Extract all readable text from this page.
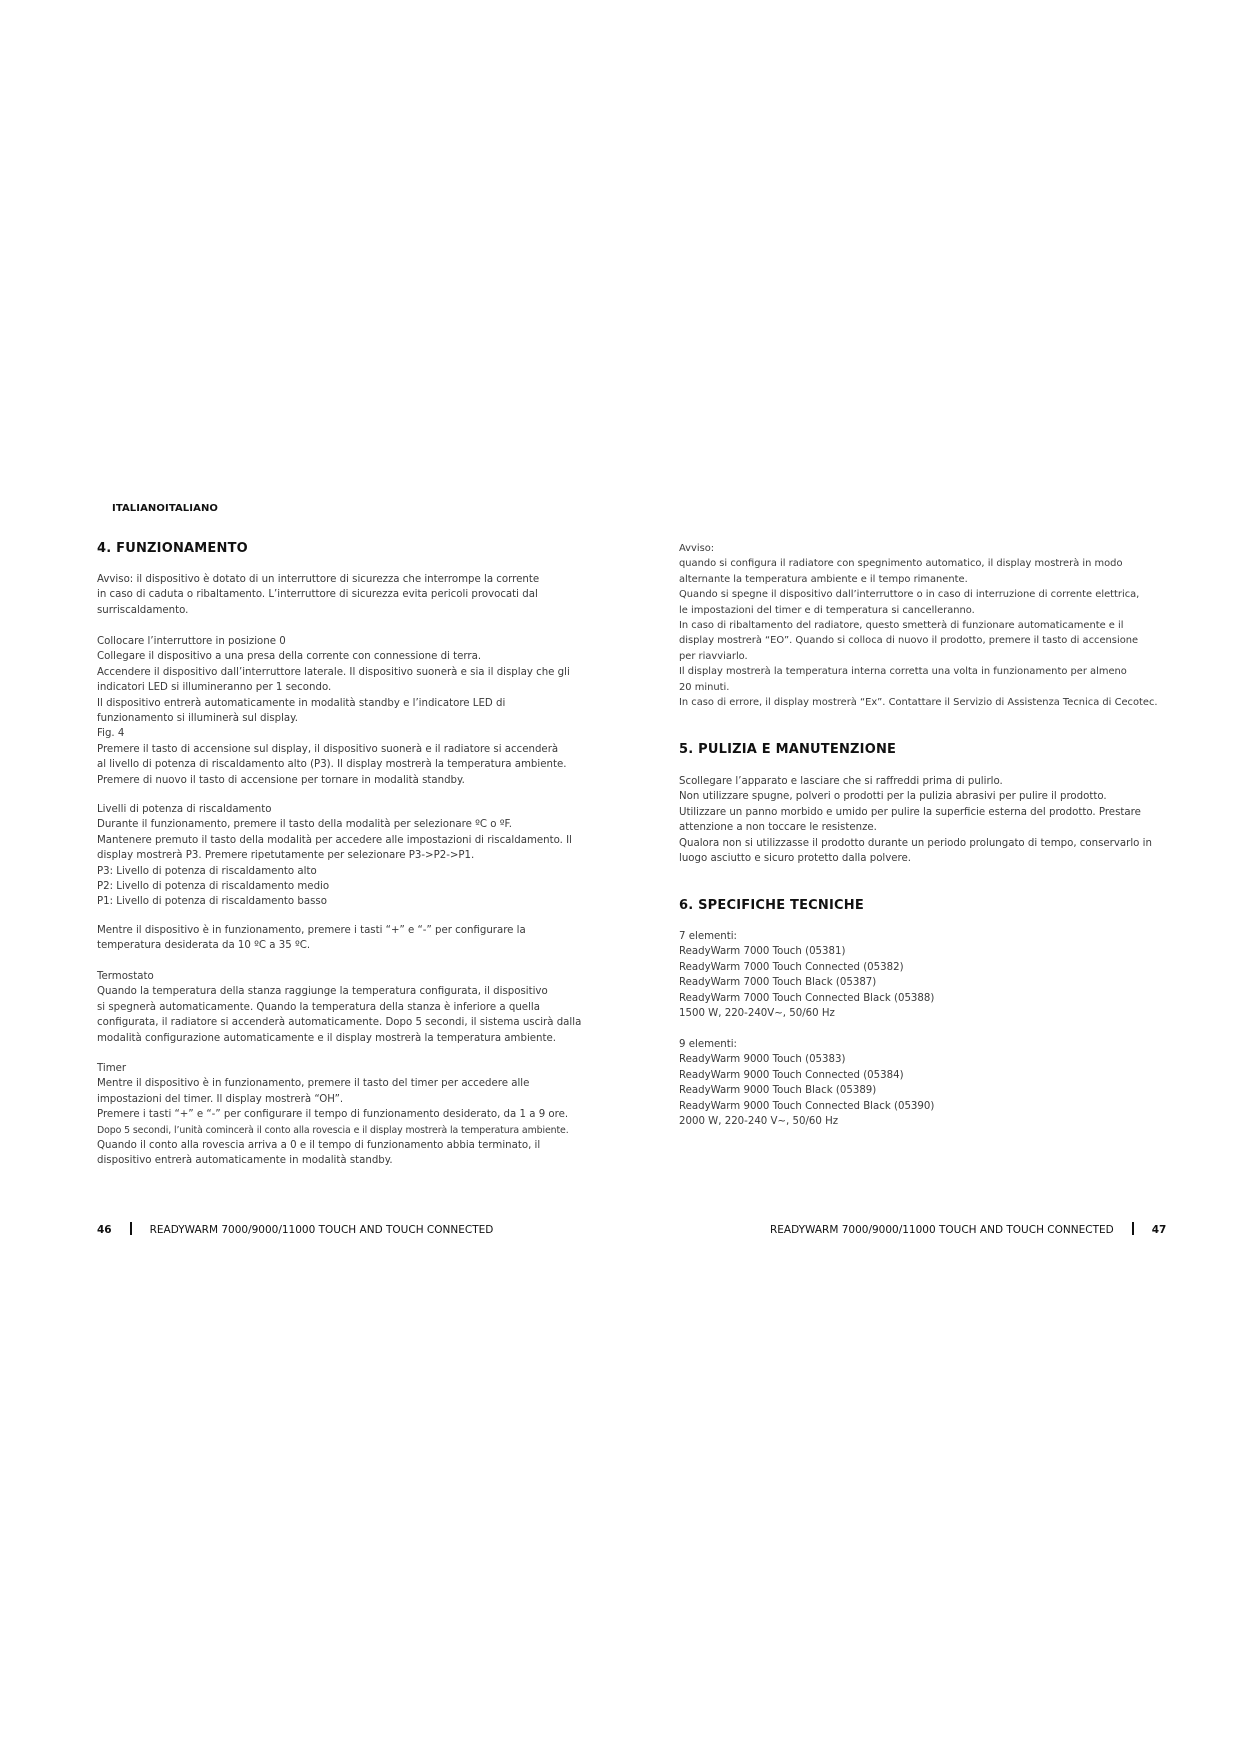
ITALIANOITALIANO
4. FUNZIONAMENTO
Avviso: il dispositivo è dotato di un interruttore di sicurezza che interrompe la corrente
in caso di caduta o ribaltamento. L’interruttore di sicurezza evita pericoli provocati dal
surriscaldamento.
Collocare l’interruttore in posizione 0
Collegare il dispositivo a una presa della corrente con connessione di terra.
Accendere il dispositivo dall’interruttore laterale. Il dispositivo suonerà e sia il display che gli
indicatori LED si illumineranno per 1 secondo.
Il dispositivo entrerà automaticamente in modalità standby e l’indicatore LED di
funzionamento si illuminerà sul display.
Fig. 4
Premere il tasto di accensione sul display, il dispositivo suonerà e il radiatore si accenderà
al livello di potenza di riscaldamento alto (P3). Il display mostrerà la temperatura ambiente.
Premere di nuovo il tasto di accensione per tornare in modalità standby.
Livelli di potenza di riscaldamento
Durante il funzionamento, premere il tasto della modalità per selezionare ºC o ºF.
Mantenere premuto il tasto della modalità per accedere alle impostazioni di riscaldamento. Il
display mostrerà P3. Premere ripetutamente per selezionare P3->P2->P1.
P3: Livello di potenza di riscaldamento alto
P2: Livello di potenza di riscaldamento medio
P1: Livello di potenza di riscaldamento basso
Mentre il dispositivo è in funzionamento, premere i tasti “+” e “-” per configurare la
temperatura desiderata da 10 ºC a 35 ºC.
Termostato
Quando la temperatura della stanza raggiunge la temperatura configurata, il dispositivo
si spegnerà automaticamente. Quando la temperatura della stanza è inferiore a quella
configurata, il radiatore si accenderà automaticamente. Dopo 5 secondi, il sistema uscirà dalla
modalità configurazione automaticamente e il display mostrerà la temperatura ambiente.
Timer
Mentre il dispositivo è in funzionamento, premere il tasto del timer per accedere alle
impostazioni del timer. Il display mostrerà “OH”.
Premere i tasti “+” e “-” per configurare il tempo di funzionamento desiderato, da 1 a 9 ore.
Dopo 5 secondi, l’unità comincerà il conto alla rovescia e il display mostrerà la temperatura ambiente.
Quando il conto alla rovescia arriva a 0 e il tempo di funzionamento abbia terminato, il
dispositivo entrerà automaticamente in modalità standby.
Avviso:
quando si configura il radiatore con spegnimento automatico, il display mostrerà in modo
alternante la temperatura ambiente e il tempo rimanente.
Quando si spegne il dispositivo dall’interruttore o in caso di interruzione di corrente elettrica,
le impostazioni del timer e di temperatura si cancelleranno.
In caso di ribaltamento del radiatore, questo smetterà di funzionare automaticamente e il
display mostrerà “EO”. Quando si colloca di nuovo il prodotto, premere il tasto di accensione
per riavviarlo.
Il display mostrerà la temperatura interna corretta una volta in funzionamento per almeno
20 minuti.
In caso di errore, il display mostrerà “Ex”. Contattare il Servizio di Assistenza Tecnica di Cecotec.
5. PULIZIA E MANUTENZIONE
Scollegare l’apparato e lasciare che si raffreddi prima di pulirlo.
Non utilizzare spugne, polveri o prodotti per la pulizia abrasivi per pulire il prodotto.
Utilizzare un panno morbido e umido per pulire la superficie esterna del prodotto. Prestare
attenzione a non toccare le resistenze.
Qualora non si utilizzasse il prodotto durante un periodo prolungato di tempo, conservarlo in
luogo asciutto e sicuro protetto dalla polvere.
6. SPECIFICHE TECNICHE
7 elementi:
ReadyWarm 7000 Touch (05381)
ReadyWarm 7000 Touch Connected (05382)
ReadyWarm 7000 Touch Black (05387)
ReadyWarm 7000 Touch Connected Black (05388)
1500 W, 220-240V~, 50/60 Hz
9 elementi:
ReadyWarm 9000 Touch (05383)
ReadyWarm 9000 Touch Connected (05384)
ReadyWarm 9000 Touch Black (05389)
ReadyWarm 9000 Touch Connected Black (05390)
2000 W, 220-240 V~, 50/60 Hz
46	READYWARM 7000/9000/11000 TOUCH AND TOUCH CONNECTED	READYWARM 7000/9000/11000 TOUCH AND TOUCH CONNECTED	47
